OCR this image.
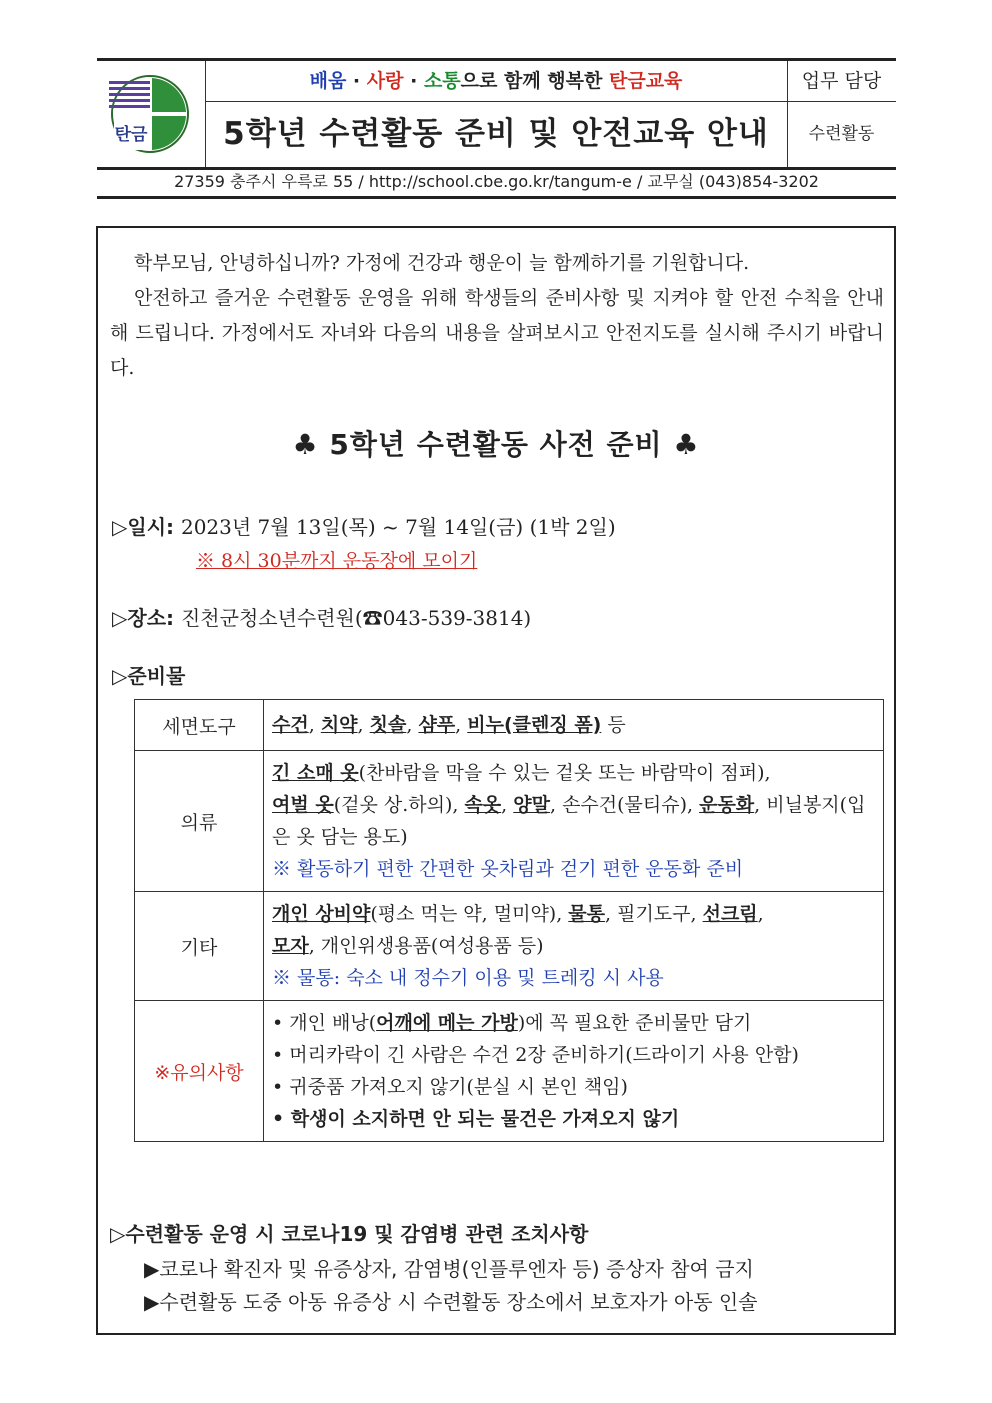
탄금
배움 · 사랑 · 소통으로 함께 행복한 탄금교육
5학년 수련활동 준비 및 안전교육 안내
업무 담당
수련활동
27359 충주시 우륵로 55 / http://school.cbe.go.kr/tangum-e / 교무실 (043)854-3202

학부모님, 안녕하십니까? 가정에 건강과 행운이 늘 함께하기를 기원합니다.

안전하고 즐거운 수련활동 운영을 위해 학생들의 준비사항 및 지켜야 할 안전 수칙을 안내해 드립니다. 가정에서도 자녀와 다음의 내용을 살펴보시고 안전지도를 실시해 주시기 바랍니다.

♣ 5학년 수련활동 사전 준비 ♣
▷일시: 2023년 7월 13일(목) ~ 7월 14일(금) (1박 2일)
※ 8시 30분까지 운동장에 모이기
▷장소: 진천군청소년수련원(☎043-539-3814)
▷준비물
세면도구	수건, 치약, 칫솔, 샴푸, 비누(클렌징 폼) 등
의류	긴 소매 옷(찬바람을 막을 수 있는 겉옷 또는 바람막이 점퍼),
여벌 옷(겉옷 상.하의), 속옷, 양말, 손수건(물티슈), 운동화, 비닐봉지(입은 옷 담는 용도)
※ 활동하기 편한 간편한 옷차림과 걷기 편한 운동화 준비
기타	개인 상비약(평소 먹는 약, 멀미약), 물통, 필기도구, 선크림,
모자, 개인위생용품(여성용품 등)
※ 물통: 숙소 내 정수기 이용 및 트레킹 시 사용
※유의사항	• 개인 배낭(어깨에 메는 가방)에 꼭 필요한 준비물만 담기
• 머리카락이 긴 사람은 수건 2장 준비하기(드라이기 사용 안함)
• 귀중품 가져오지 않기(분실 시 본인 책임)
• 학생이 소지하면 안 되는 물건은 가져오지 않기
▷수련활동 운영 시 코로나19 및 감염병 관련 조치사항
▶코로나 확진자 및 유증상자, 감염병(인플루엔자 등) 증상자 참여 금지
▶수련활동 도중 아동 유증상 시 수련활동 장소에서 보호자가 아동 인솔
